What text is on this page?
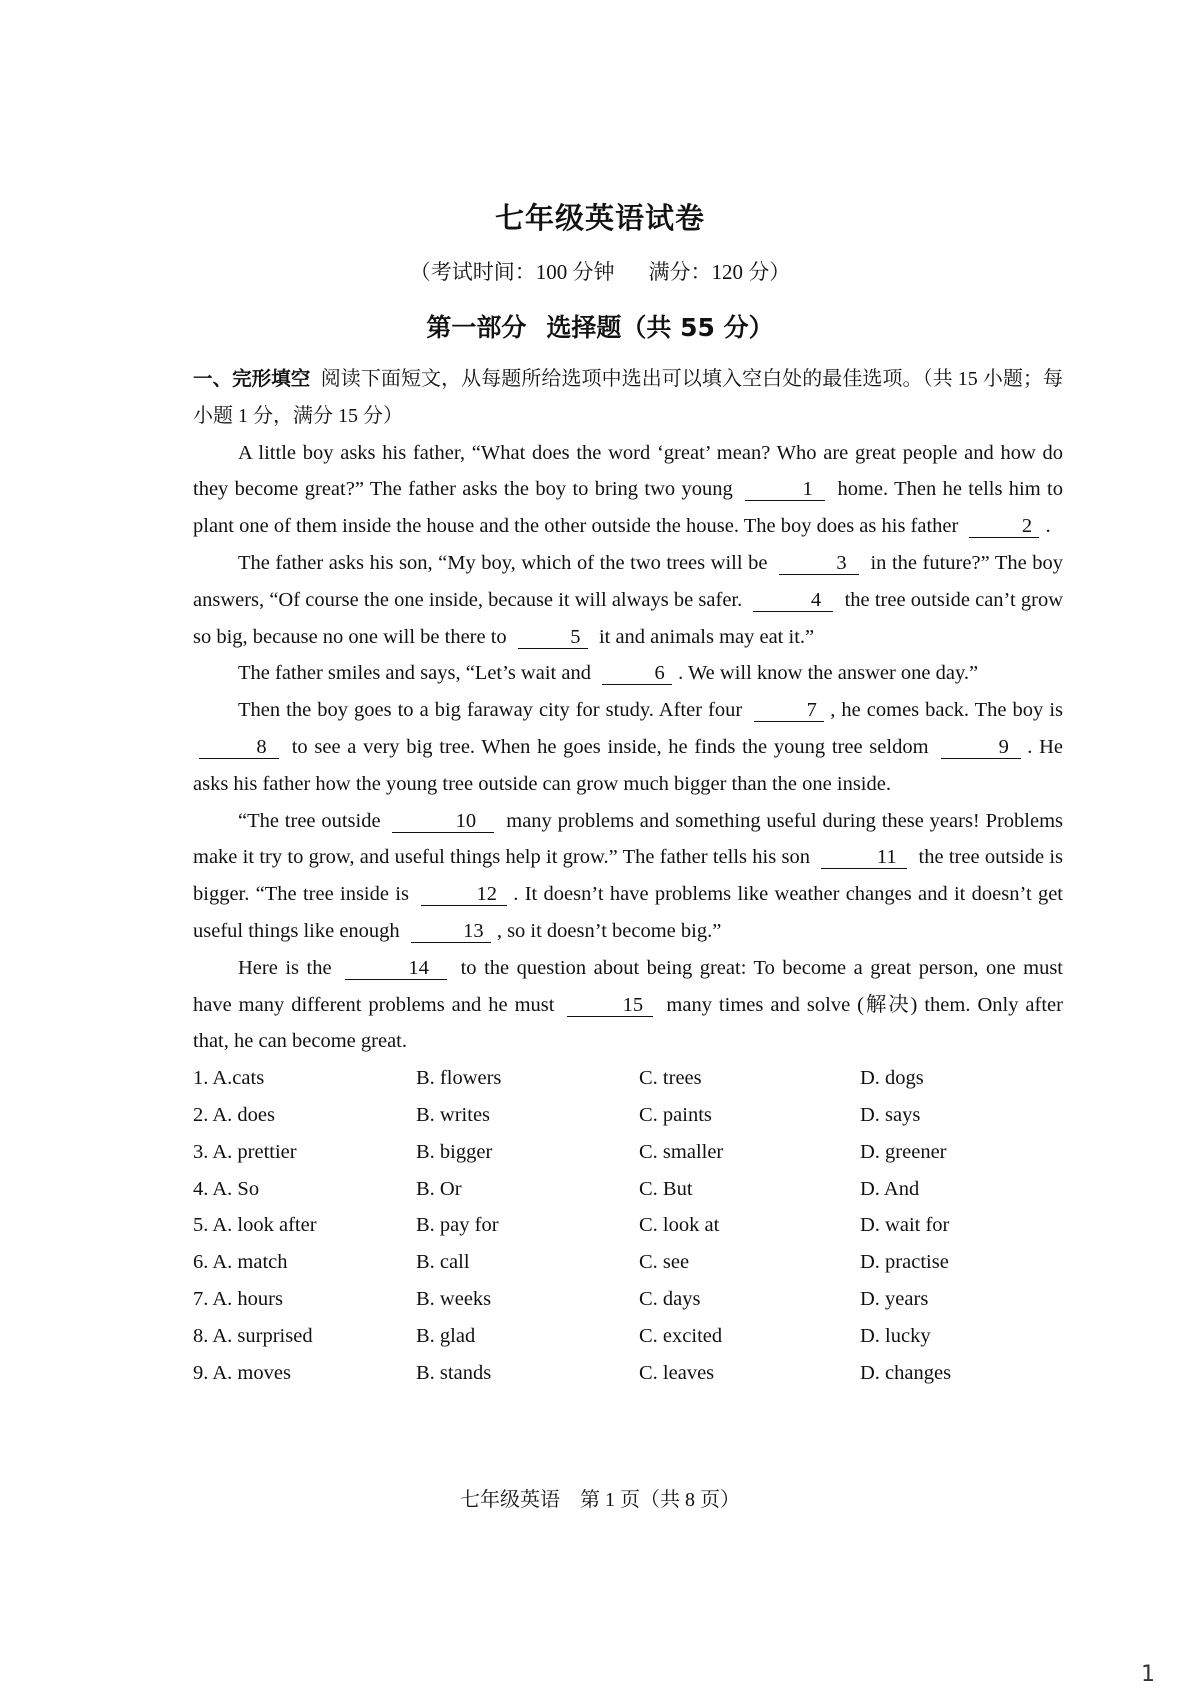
七年级英语试卷
（考试时间：100 分钟 满分：120 分）
第一部分 选择题（共 55 分）

一、完形填空 阅读下面短文，从每题所给选项中选出可以填入空白处的最佳选项。（共 15 小题；每小题 1 分，满分 15 分）

A little boy asks his father, “What does the word ‘great’ mean? Who are great people and how do they become great?” The father asks the boy to bring two young	1 home. Then he tells him to plant one of them inside the house and the other outside the house. The boy does as his father	2 .

The father asks his son, “My boy, which of the two trees will be	3 in the future?” The boy answers, “Of course the one inside, because it will always be safer.	4 the tree outside can’t grow so big, because no one will be there to	5 it and animals may eat it.”

The father smiles and says, “Let’s wait and	6 . We will know the answer one day.”

Then the boy goes to a big faraway city for study. After four	7 , he comes back. The boy is 8 to see a very big tree. When he goes inside, he finds the young tree seldom	9 . He asks his father how the young tree outside can grow much bigger than the one inside.

“The tree outside	10 many problems and something useful during these years! Problems make it try to grow, and useful things help it grow.” The father tells his son	11 the tree outside is bigger. “The tree inside is	12 . It doesn’t have problems like weather changes and it doesn’t get useful things like enough	13 , so it doesn’t become big.”

Here is the	14 to the question about being great: To become a great person, one must have many different problems and he must	15 many times and solve (解决) them. Only after that, he can become great.

1. A.cats	B. flowers	C. trees	D. dogs
2. A. does	B. writes	C. paints	D. says
3. A. prettier	B. bigger	C. smaller	D. greener
4. A. So	B. Or	C. But	D. And
5. A. look after	B. pay for	C. look at	D. wait for
6. A. match	B. call	C. see	D. practise
7. A. hours	B. weeks	C. days	D. years
8. A. surprised	B. glad	C. excited	D. lucky
9. A. moves	B. stands	C. leaves	D. changes
七年级英语　第 1 页（共 8 页）
1
